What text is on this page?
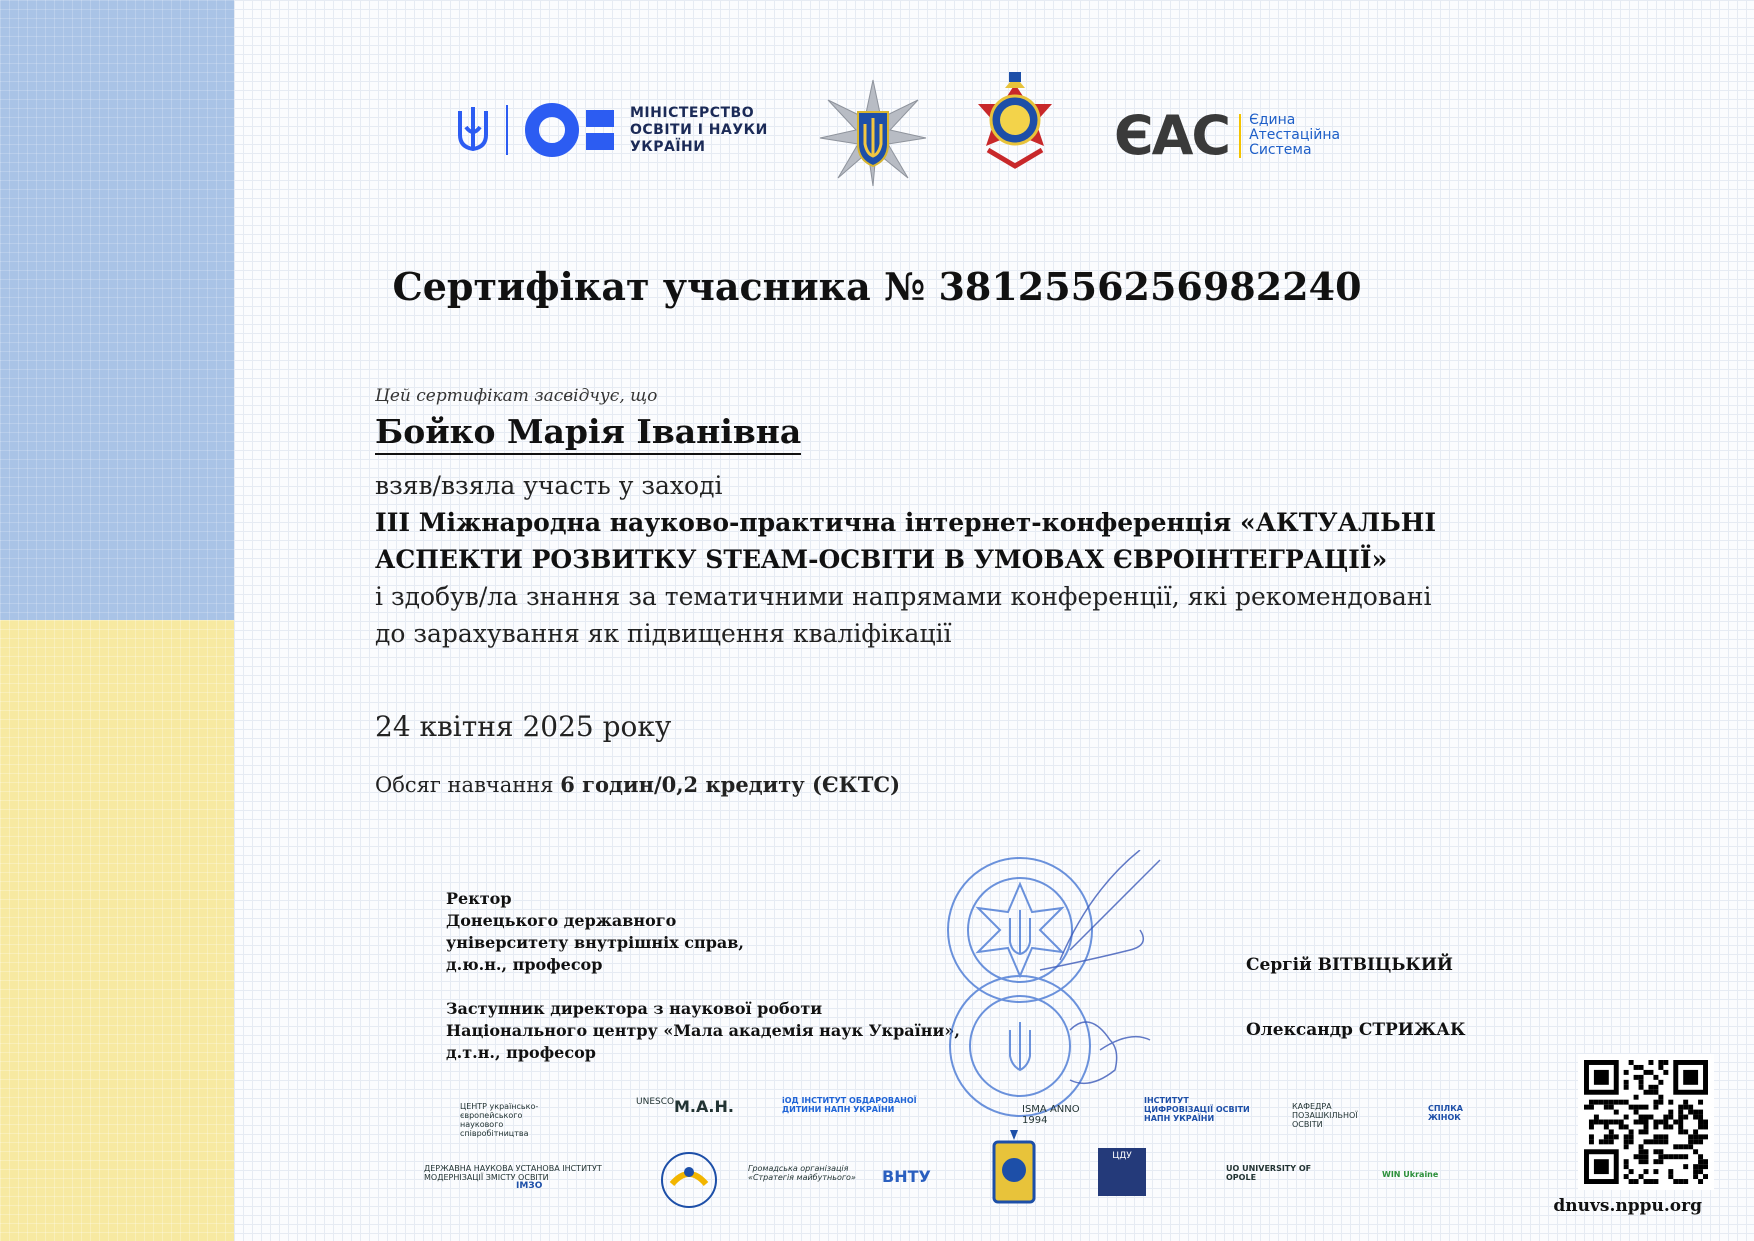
МІНІСТЕРСТВО
ОСВІТИ І НАУКИ
УКРАЇНИ	ЄАС Єдина
Атестаційна
Система
Сертифікат учасника № 3812556256982240
Цей сертифікат засвідчує, що
Бойко Марія Іванівна
взяв/взяла участь у заході
ІІІ Міжнародна науково-практична інтернет-конференція «АКТУАЛЬНІ
АСПЕКТИ РОЗВИТКУ STEAM-ОСВІТИ В УМОВАХ ЄВРОІНТЕГРАЦІЇ»
і здобув/ла знання за тематичними напрямами конференції, які рекомендовані
до зарахування як підвищення кваліфікації
24 квітня 2025 року
Обсяг навчання 6 годин/0,2 кредиту (ЄКТС)
Ректор
Донецького державного
університету внутрішніх справ,
д.ю.н., професор	Сергій ВІТВІЦЬКИЙ
Заступник директора з наукової роботи
Національного центру «Мала академія наук України»,
д.т.н., професор
Олександр СТРИЖАК
ЦЕНТР українсько-європейського наукового співробітництва
UNESCO М.А.Н.	іОД ІНСТИТУТ ОБДАРОВАНОЇ ДИТИНИ НАПН УКРАЇНИ	ISMA ANNO 1994
ІНСТИТУТ ЦИФРОВІЗАЦІЇ ОСВІТИ НАПН УКРАЇНИ
КАФЕДРА ПОЗАШКІЛЬНОЇ ОСВІТИ
СПІЛКА ЖІНОК
ДЕРЖАВНА НАУКОВА УСТАНОВА ІНСТИТУТ МОДЕРНІЗАЦІЇ ЗМІСТУ ОСВІТИ
ІМЗО
Громадська організація «Стратегія майбутнього» ВНТУ
ЦДУ
UO UNIVERSITY OF OPOLE	WIN Ukraine
dnuvs.nppu.org
